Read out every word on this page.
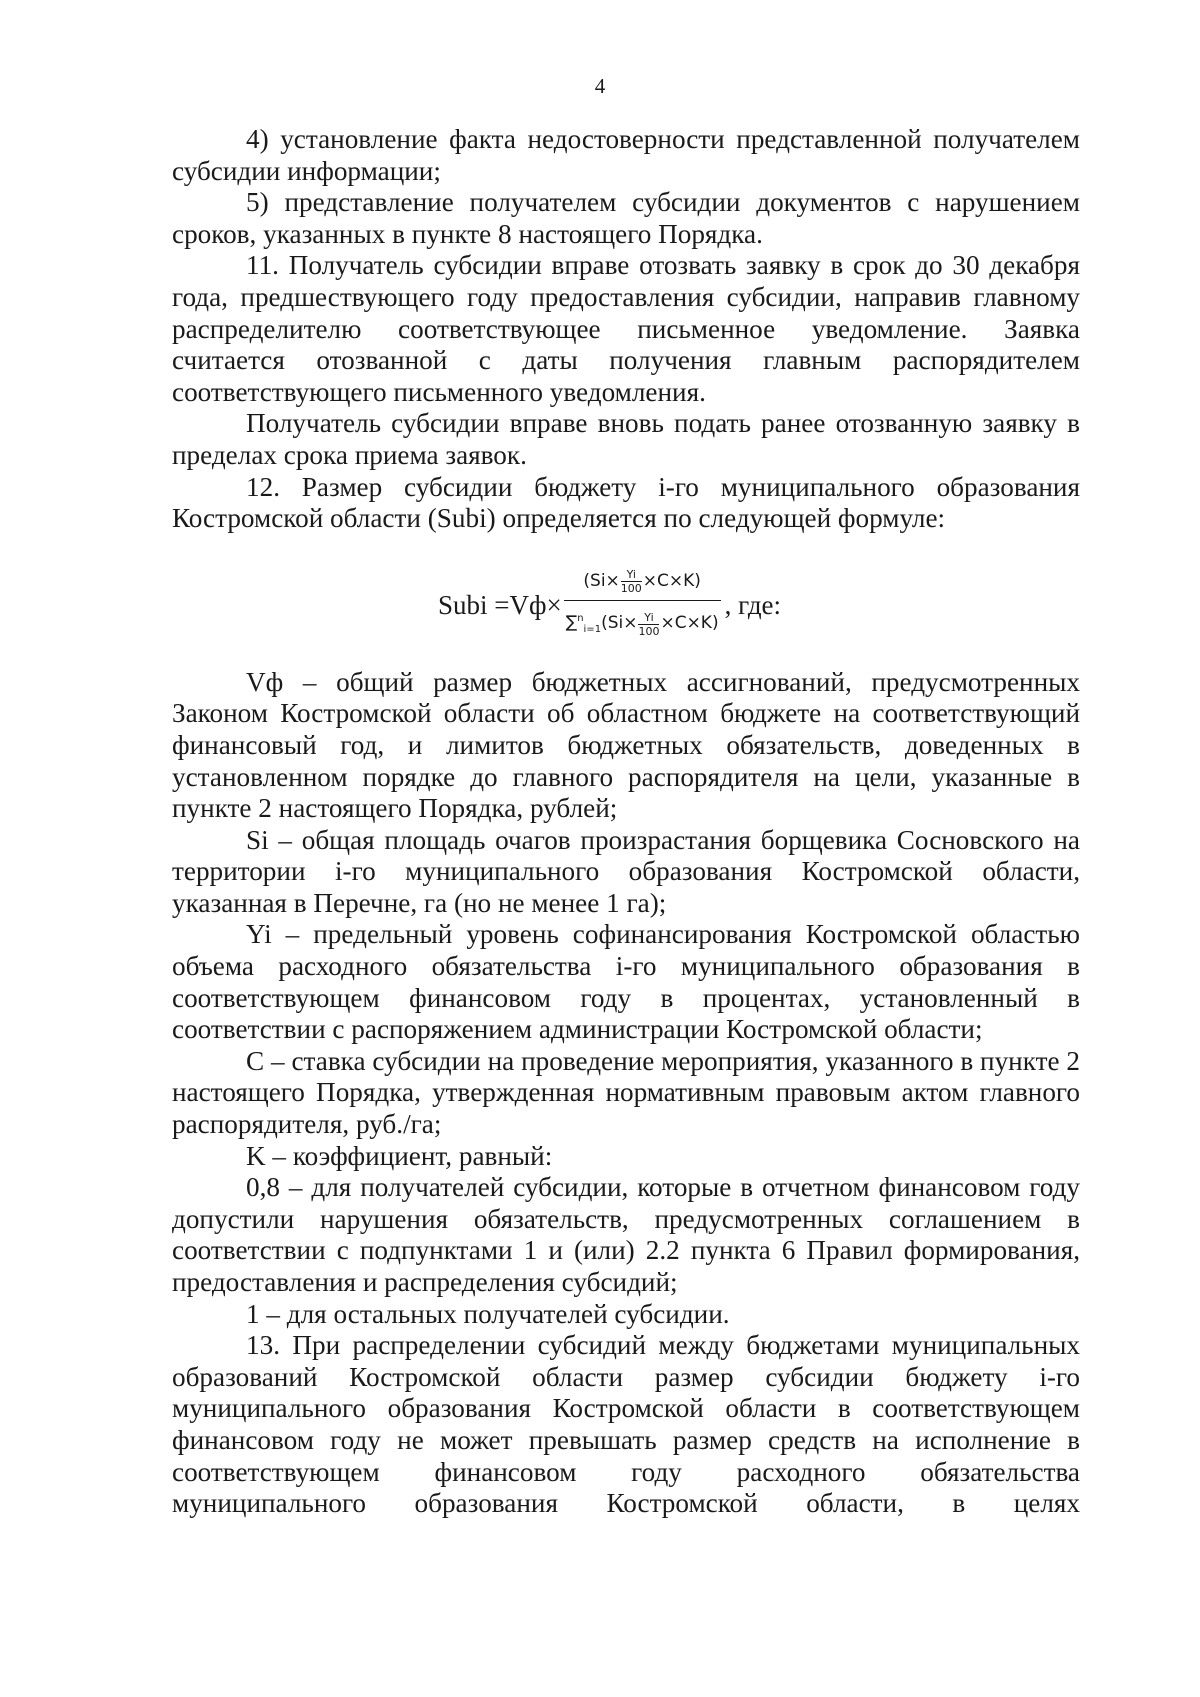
4

4) установление факта недостоверности представленной получателем субсидии информации;

5) представление получателем субсидии документов с нарушением сроков, указанных в пункте 8 настоящего Порядка.

11. Получатель субсидии вправе отозвать заявку в срок до 30 декабря года, предшествующего году предоставления субсидии, направив главному распределителю соответствующее письменное уведомление. Заявка считается отозванной с даты получения главным распорядителем соответствующего письменного уведомления.

Получатель субсидии вправе вновь подать ранее отозванную заявку в пределах срока приема заявок.

12. Размер субсидии бюджету i-го муниципального образования Костромской области (Subi) определяется по следующей формуле:

Subi =Vф×
$(Si\times \frac{Yi}{100} \times C\times K)$
∑$^n_{i=1}$ $(Si\times \frac{Yi}{100} \times C\times K)$
, где:

Vф – общий размер бюджетных ассигнований, предусмотренных Законом Костромской области об областном бюджете на соответствующий финансовый год, и лимитов бюджетных обязательств, доведенных в установленном порядке до главного распорядителя на цели, указанные в пункте 2 настоящего Порядка, рублей;

Si – общая площадь очагов произрастания борщевика Сосновского на территории i-го муниципального образования Костромской области, указанная в Перечне, га (но не менее 1 га);

Yi – предельный уровень софинансирования Костромской областью объема расходного обязательства i-го муниципального образования в соответствующем финансовом году в процентах, установленный в соответствии с распоряжением администрации Костромской области;

C – ставка субсидии на проведение мероприятия, указанного в пункте 2 настоящего Порядка, утвержденная нормативным правовым актом главного распорядителя, руб./га;

K – коэффициент, равный:

0,8 – для получателей субсидии, которые в отчетном финансовом году допустили нарушения обязательств, предусмотренных соглашением в соответствии с подпунктами 1 и (или) 2.2 пункта 6 Правил формирования, предоставления и распределения субсидий;

1 – для остальных получателей субсидии.

13. При распределении субсидий между бюджетами муниципальных образований Костромской области размер субсидии бюджету i-го муниципального образования Костромской области в соответствующем финансовом году не может превышать размер средств на исполнение в соответствующем финансовом году расходного обязательства муниципального образования Костромской области, в целях
